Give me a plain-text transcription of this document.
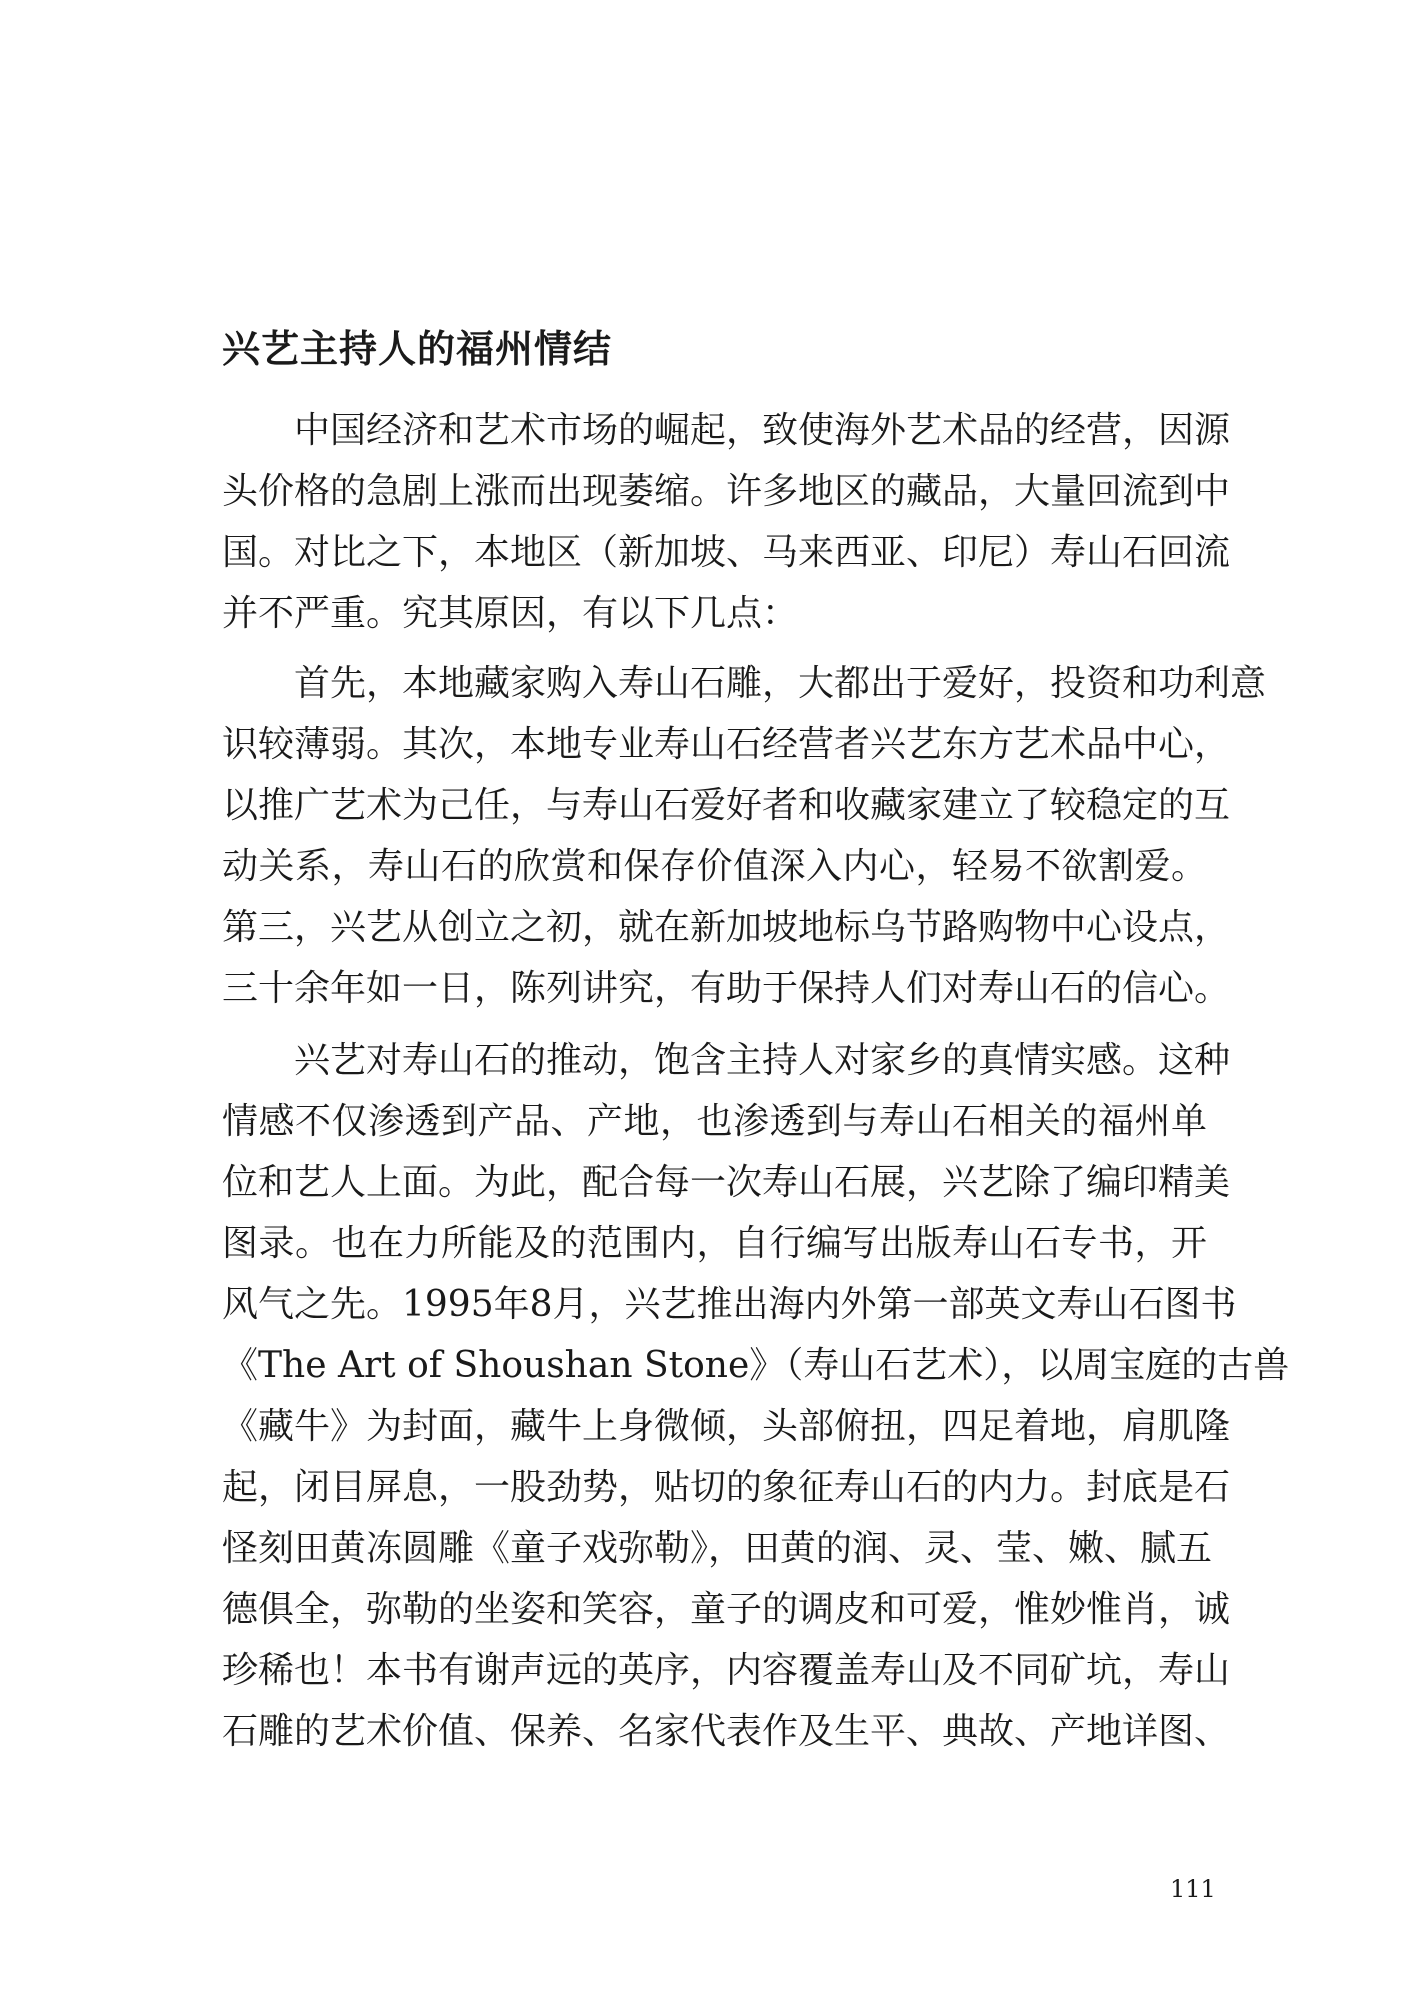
兴艺主持人的福州情结
中国经济和艺术市场的崛起，致使海外艺术品的经营，因源
头价格的急剧上涨而出现萎缩。许多地区的藏品，大量回流到中
国。对比之下，本地区（新加坡、马来西亚、印尼）寿山石回流
并不严重。究其原因，有以下几点：
首先，本地藏家购入寿山石雕，大都出于爱好，投资和功利意
识较薄弱。其次，本地专业寿山石经营者兴艺东方艺术品中心，
以推广艺术为己任，与寿山石爱好者和收藏家建立了较稳定的互
动关系，寿山石的欣赏和保存价值深入内心，轻易不欲割爱。
第三，兴艺从创立之初，就在新加坡地标乌节路购物中心设点，
三十余年如一日，陈列讲究，有助于保持人们对寿山石的信心。
兴艺对寿山石的推动，饱含主持人对家乡的真情实感。这种
情感不仅渗透到产品、产地，也渗透到与寿山石相关的福州单
位和艺人上面。为此，配合每一次寿山石展，兴艺除了编印精美
图录。也在力所能及的范围内，自行编写出版寿山石专书，开
风气之先。1995年8月，兴艺推出海内外第一部英文寿山石图书
《The Art of Shoushan Stone》（寿山石艺术），以周宝庭的古兽
《藏牛》为封面，藏牛上身微倾，头部俯扭，四足着地，肩肌隆
起，闭目屏息，一股劲势，贴切的象征寿山石的内力。封底是石
怪刻田黄冻圆雕《童子戏弥勒》，田黄的润、灵、莹、嫩、腻五
德俱全，弥勒的坐姿和笑容，童子的调皮和可爱，惟妙惟肖，诚
珍稀也！本书有谢声远的英序，内容覆盖寿山及不同矿坑，寿山
石雕的艺术价值、保养、名家代表作及生平、典故、产地详图、
111
